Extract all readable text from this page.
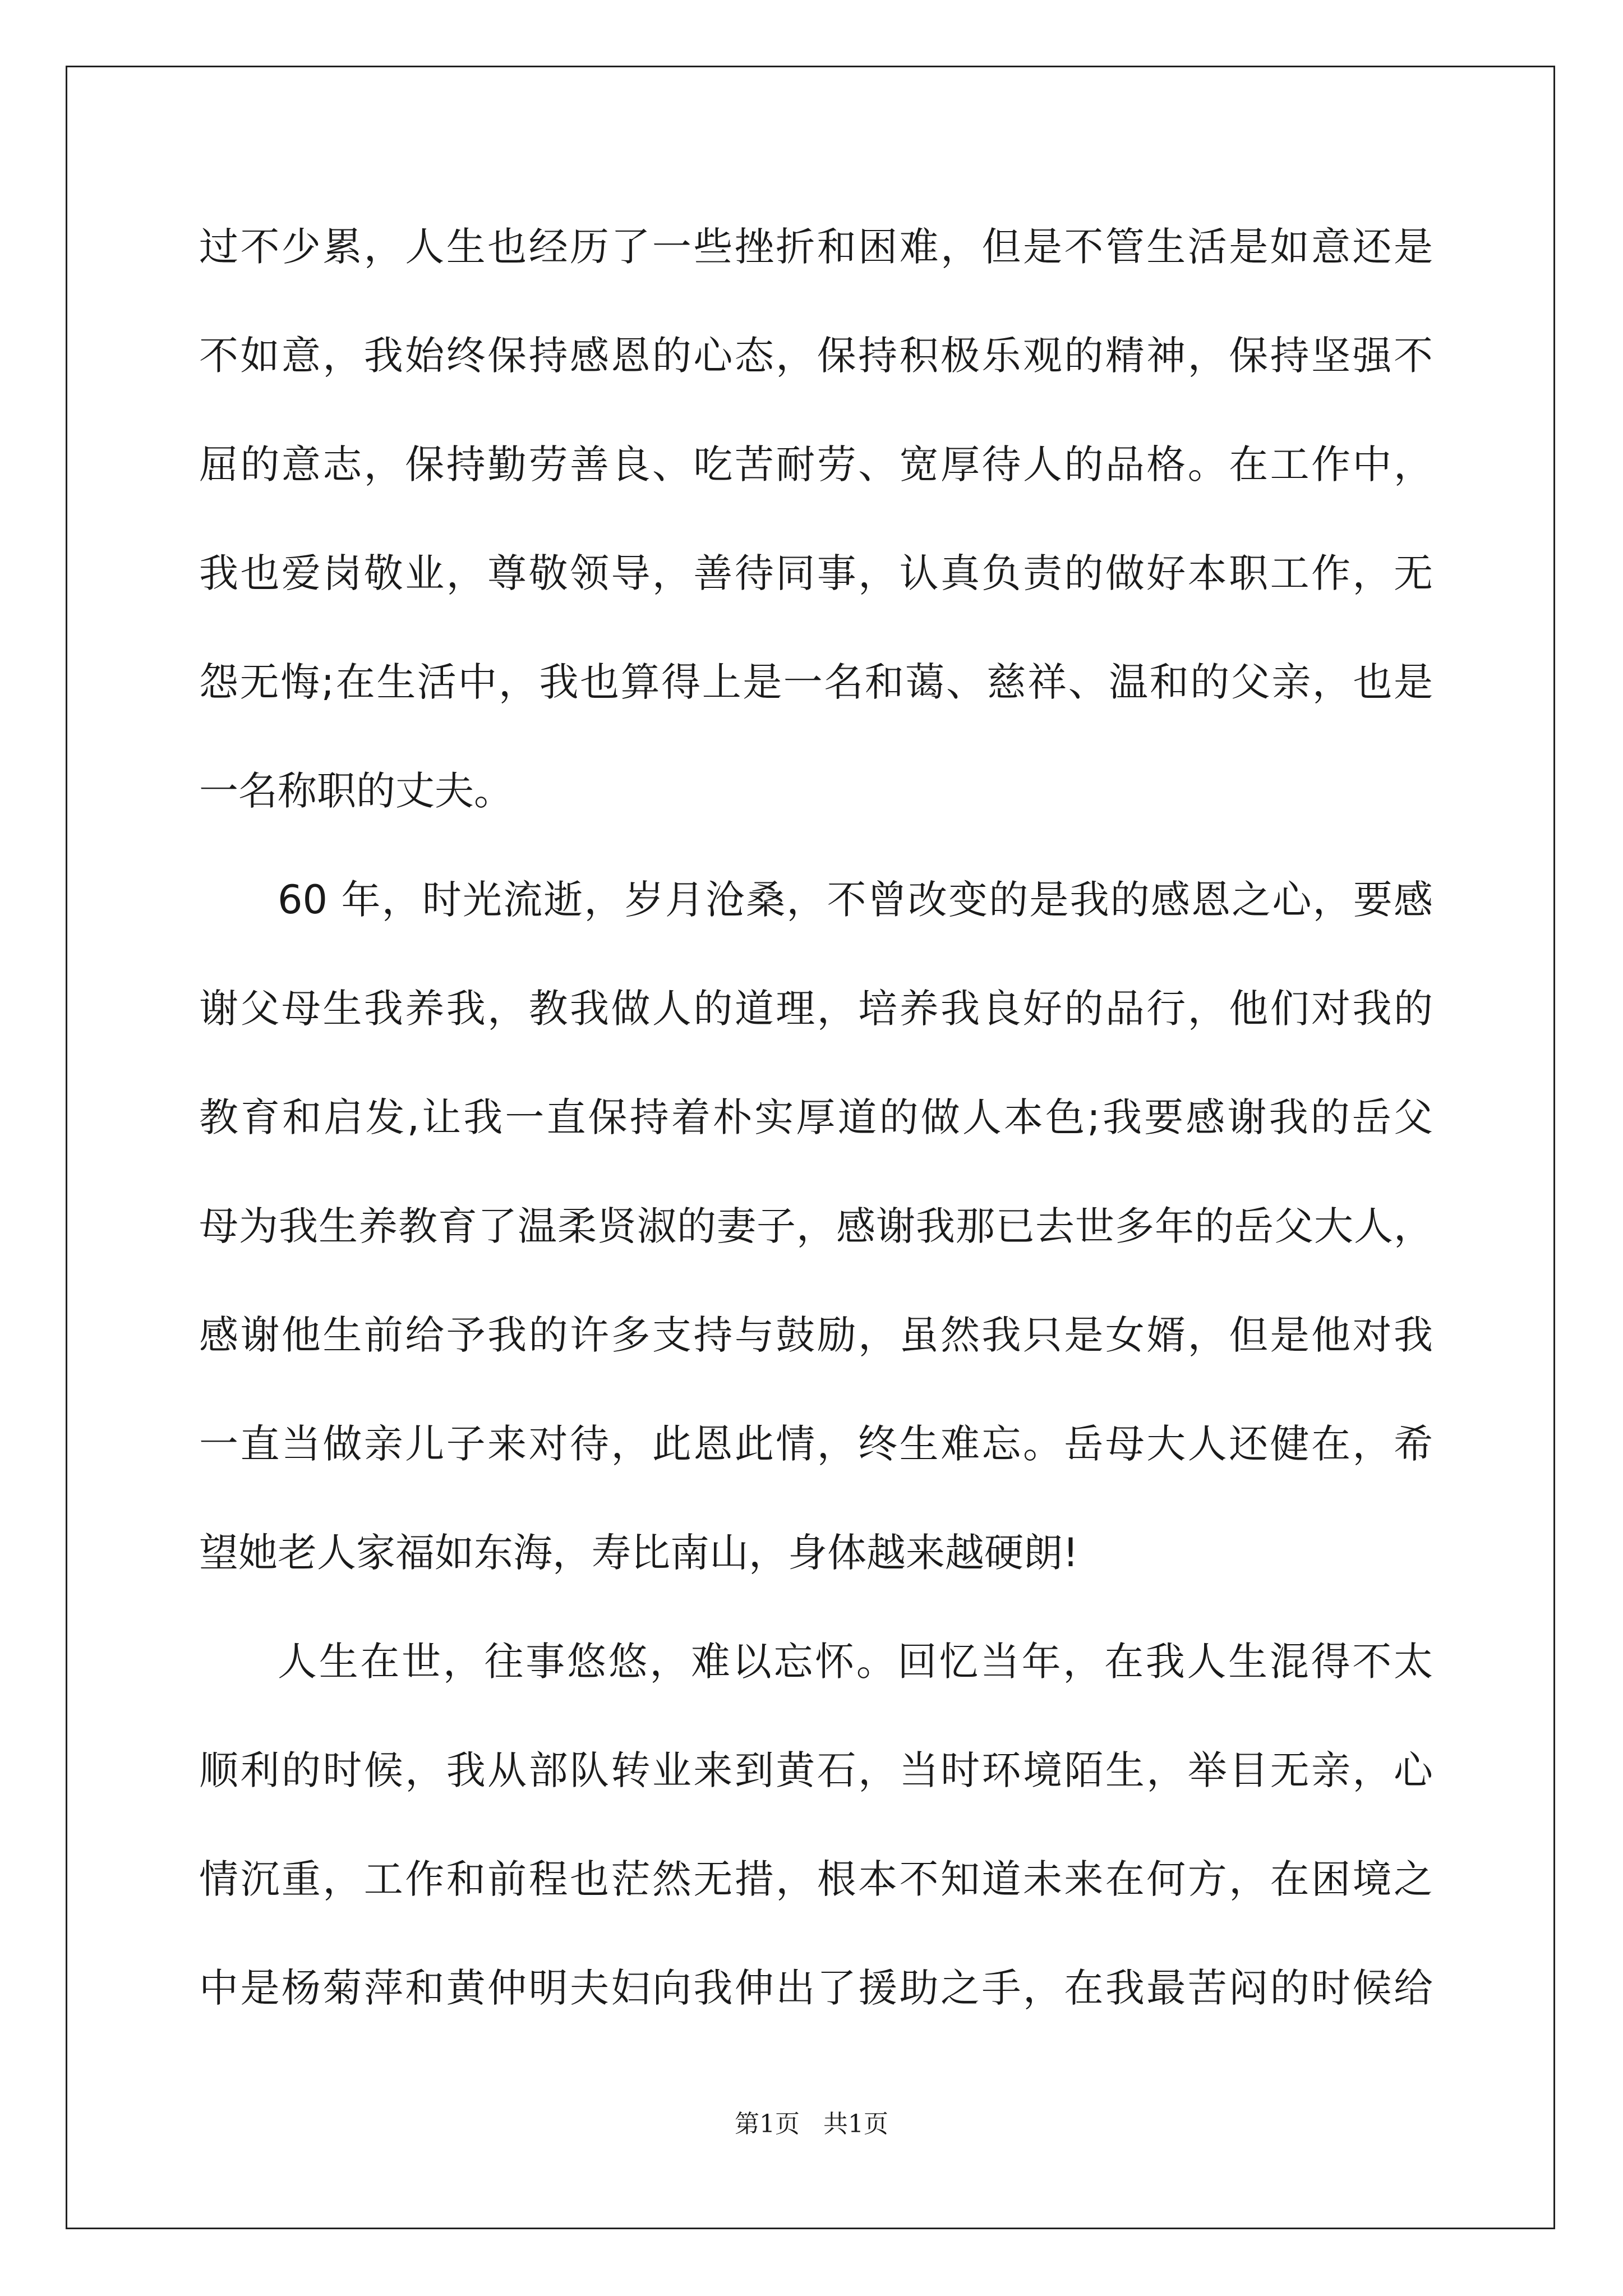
过不少累，人生也经历了一些挫折和困难，但是不管生活是如意还是
不如意，我始终保持感恩的心态，保持积极乐观的精神，保持坚强不
屈的意志，保持勤劳善良、吃苦耐劳、宽厚待人的品格。在工作中，
我也爱岗敬业，尊敬领导，善待同事，认真负责的做好本职工作，无
怨无悔;在生活中，我也算得上是一名和蔼、慈祥、温和的父亲，也是
一名称职的丈夫。
60 年，时光流逝，岁月沧桑，不曾改变的是我的感恩之心，要感
谢父母生我养我，教我做人的道理，培养我良好的品行，他们对我的
教育和启发,让我一直保持着朴实厚道的做人本色;我要感谢我的岳父
母为我生养教育了温柔贤淑的妻子，感谢我那已去世多年的岳父大人，
感谢他生前给予我的许多支持与鼓励，虽然我只是女婿，但是他对我
一直当做亲儿子来对待，此恩此情，终生难忘。岳母大人还健在，希
望她老人家福如东海，寿比南山，身体越来越硬朗!
人生在世，往事悠悠，难以忘怀。回忆当年，在我人生混得不太
顺利的时候，我从部队转业来到黄石，当时环境陌生，举目无亲，心
情沉重，工作和前程也茫然无措，根本不知道未来在何方，在困境之
中是杨菊萍和黄仲明夫妇向我伸出了援助之手，在我最苦闷的时候给
第1页   共1页
